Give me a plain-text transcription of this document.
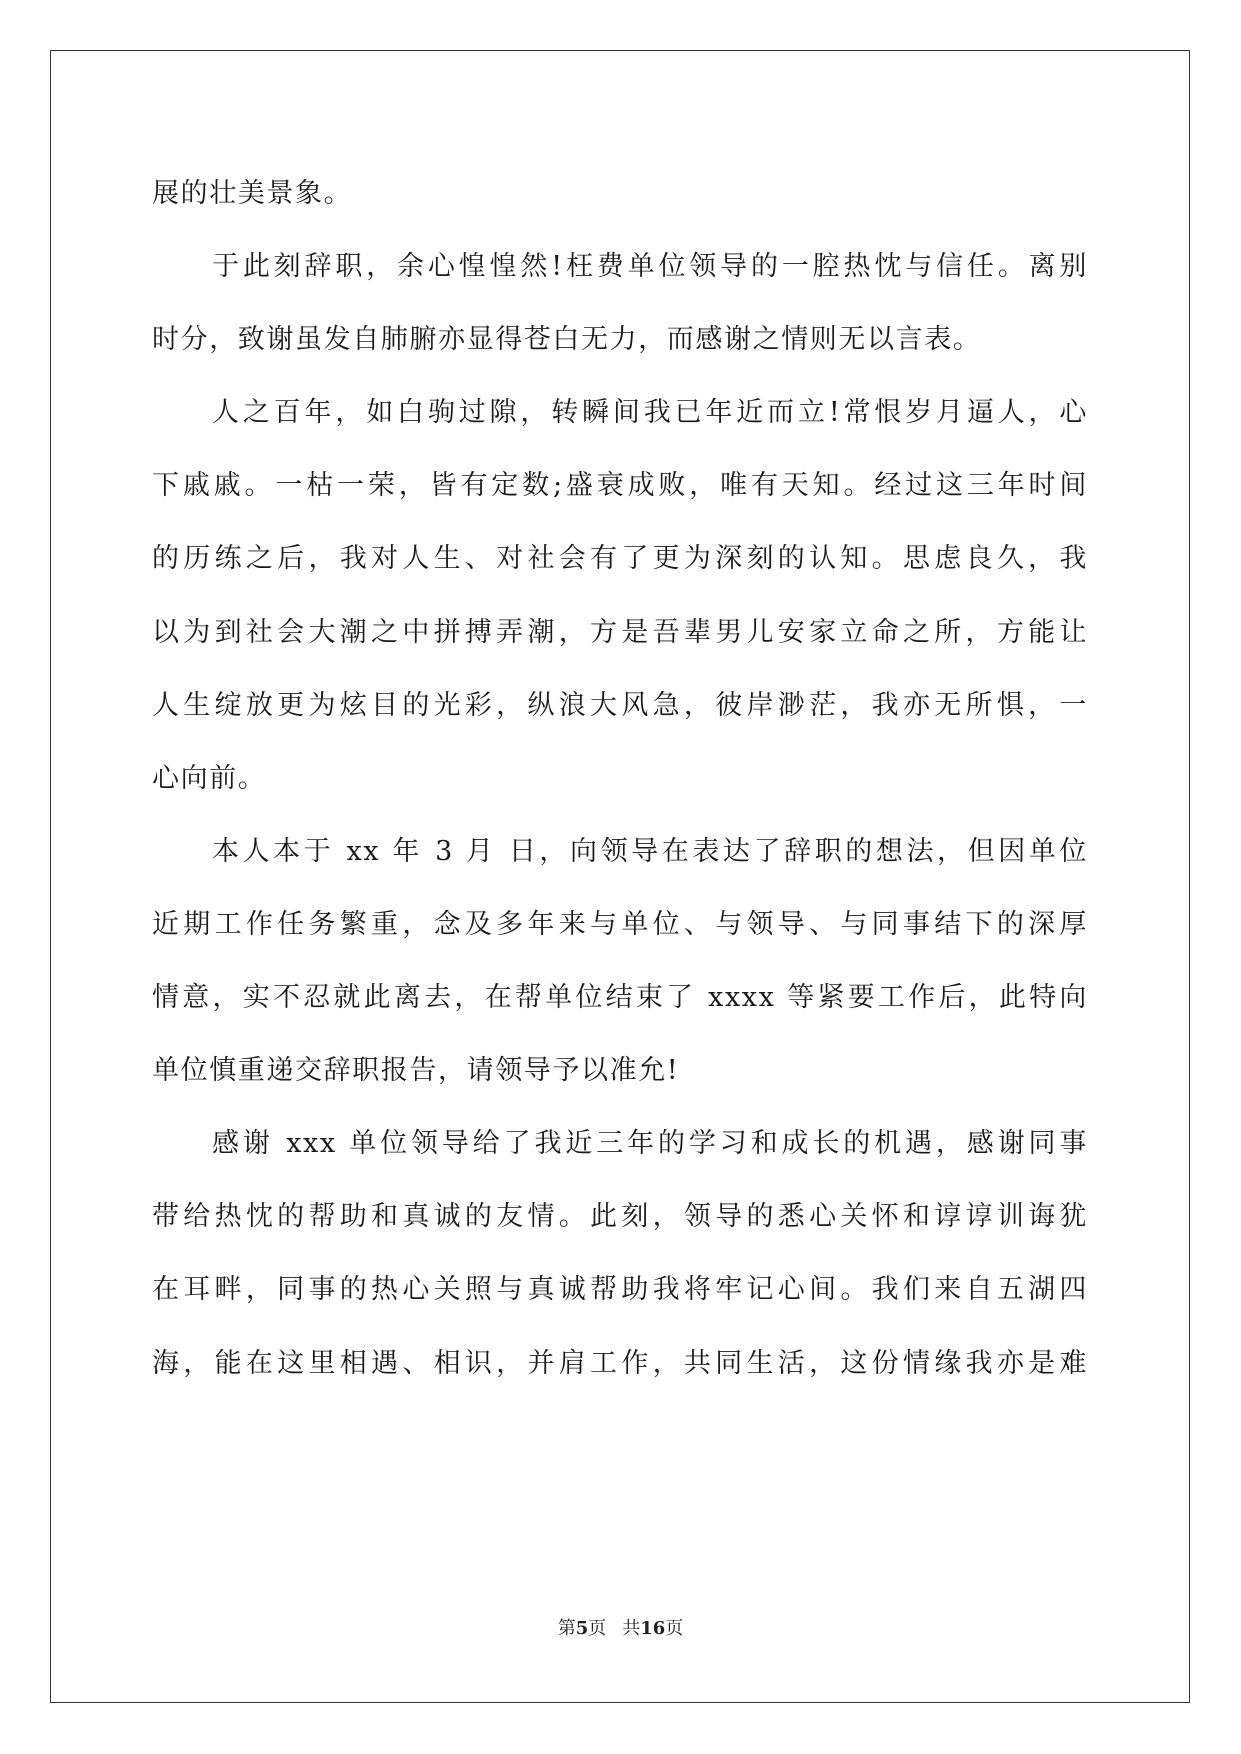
展的壮美景象。

于此刻辞职，余心惶惶然!枉费单位领导的一腔热忱与信任。离别

时分，致谢虽发自肺腑亦显得苍白无力，而感谢之情则无以言表。

人之百年，如白驹过隙，转瞬间我已年近而立!常恨岁月逼人，心

下戚戚。一枯一荣，皆有定数;盛衰成败，唯有天知。经过这三年时间

的历练之后，我对人生、对社会有了更为深刻的认知。思虑良久，我

以为到社会大潮之中拼搏弄潮，方是吾辈男儿安家立命之所，方能让

人生绽放更为炫目的光彩，纵浪大风急，彼岸渺茫，我亦无所惧，一

心向前。

本人本于 xx 年 3 月 日，向领导在表达了辞职的想法，但因单位

近期工作任务繁重，念及多年来与单位、与领导、与同事结下的深厚

情意，实不忍就此离去，在帮单位结束了 xxxx 等紧要工作后，此特向

单位慎重递交辞职报告，请领导予以准允!

感谢 xxx 单位领导给了我近三年的学习和成长的机遇，感谢同事

带给热忱的帮助和真诚的友情。此刻，领导的悉心关怀和谆谆训诲犹

在耳畔，同事的热心关照与真诚帮助我将牢记心间。我们来自五湖四

海，能在这里相遇、相识，并肩工作，共同生活，这份情缘我亦是难

第5页 共16页
